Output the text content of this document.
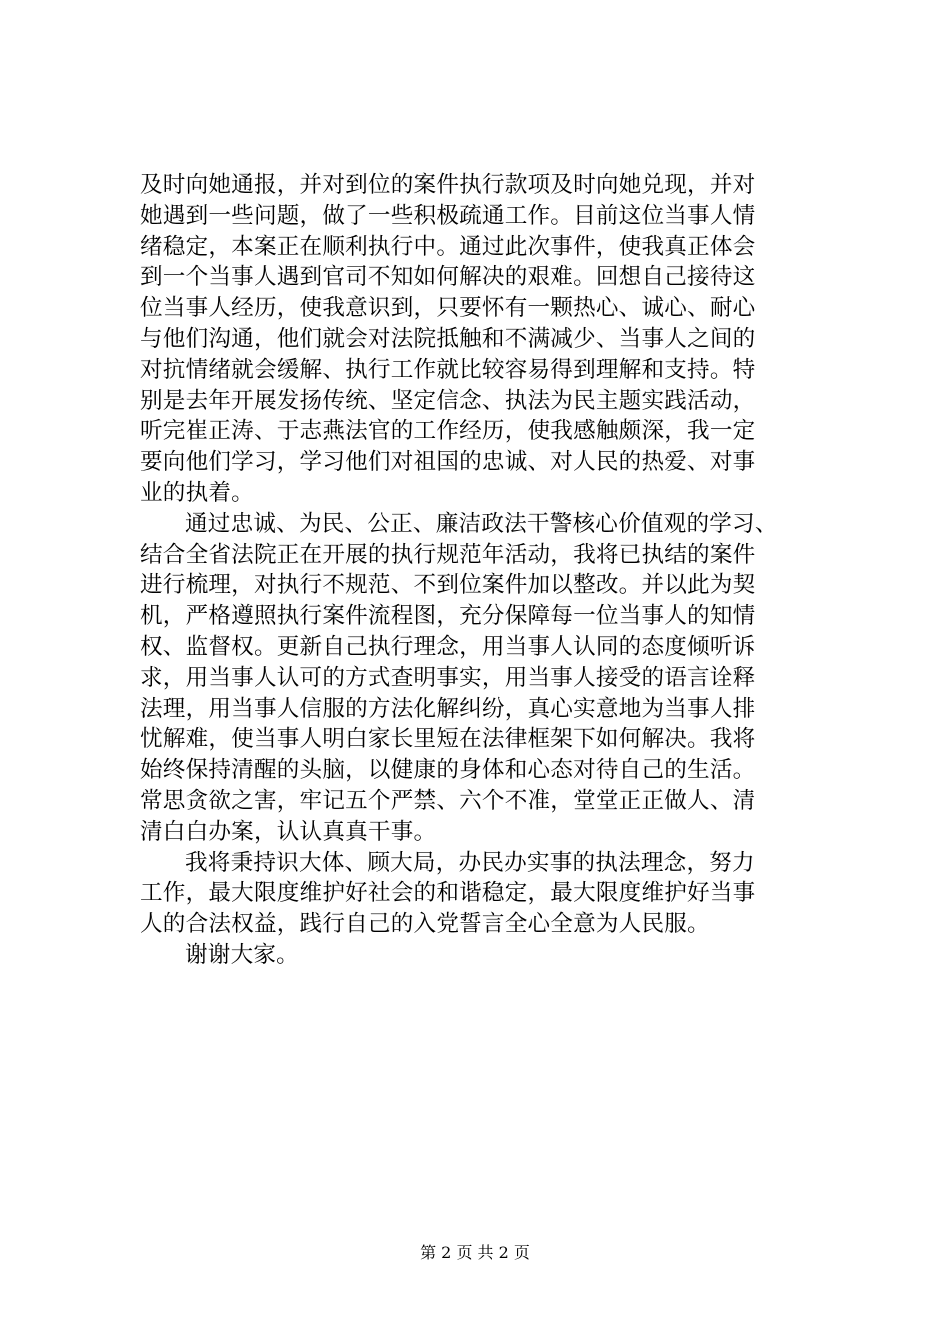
及时向她通报，并对到位的案件执行款项及时向她兑现，并对
她遇到一些问题，做了一些积极疏通工作。目前这位当事人情
绪稳定，本案正在顺利执行中。通过此次事件，使我真正体会
到一个当事人遇到官司不知如何解决的艰难。回想自己接待这
位当事人经历，使我意识到，只要怀有一颗热心、诚心、耐心
与他们沟通，他们就会对法院抵触和不满减少、当事人之间的
对抗情绪就会缓解、执行工作就比较容易得到理解和支持。特
别是去年开展发扬传统、坚定信念、执法为民主题实践活动，
听完崔正涛、于志燕法官的工作经历，使我感触颇深，我一定
要向他们学习，学习他们对祖国的忠诚、对人民的热爱、对事
业的执着。
通过忠诚、为民、公正、廉洁政法干警核心价值观的学习、
结合全省法院正在开展的执行规范年活动，我将已执结的案件
进行梳理，对执行不规范、不到位案件加以整改。并以此为契
机，严格遵照执行案件流程图，充分保障每一位当事人的知情
权、监督权。更新自己执行理念，用当事人认同的态度倾听诉
求，用当事人认可的方式查明事实，用当事人接受的语言诠释
法理，用当事人信服的方法化解纠纷，真心实意地为当事人排
忧解难，使当事人明白家长里短在法律框架下如何解决。我将
始终保持清醒的头脑，以健康的身体和心态对待自己的生活。
常思贪欲之害，牢记五个严禁、六个不准，堂堂正正做人、清
清白白办案，认认真真干事。
我将秉持识大体、顾大局，办民办实事的执法理念，努力
工作，最大限度维护好社会的和谐稳定，最大限度维护好当事
人的合法权益，践行自己的入党誓言全心全意为人民服。
谢谢大家。
第 2 页 共 2 页
